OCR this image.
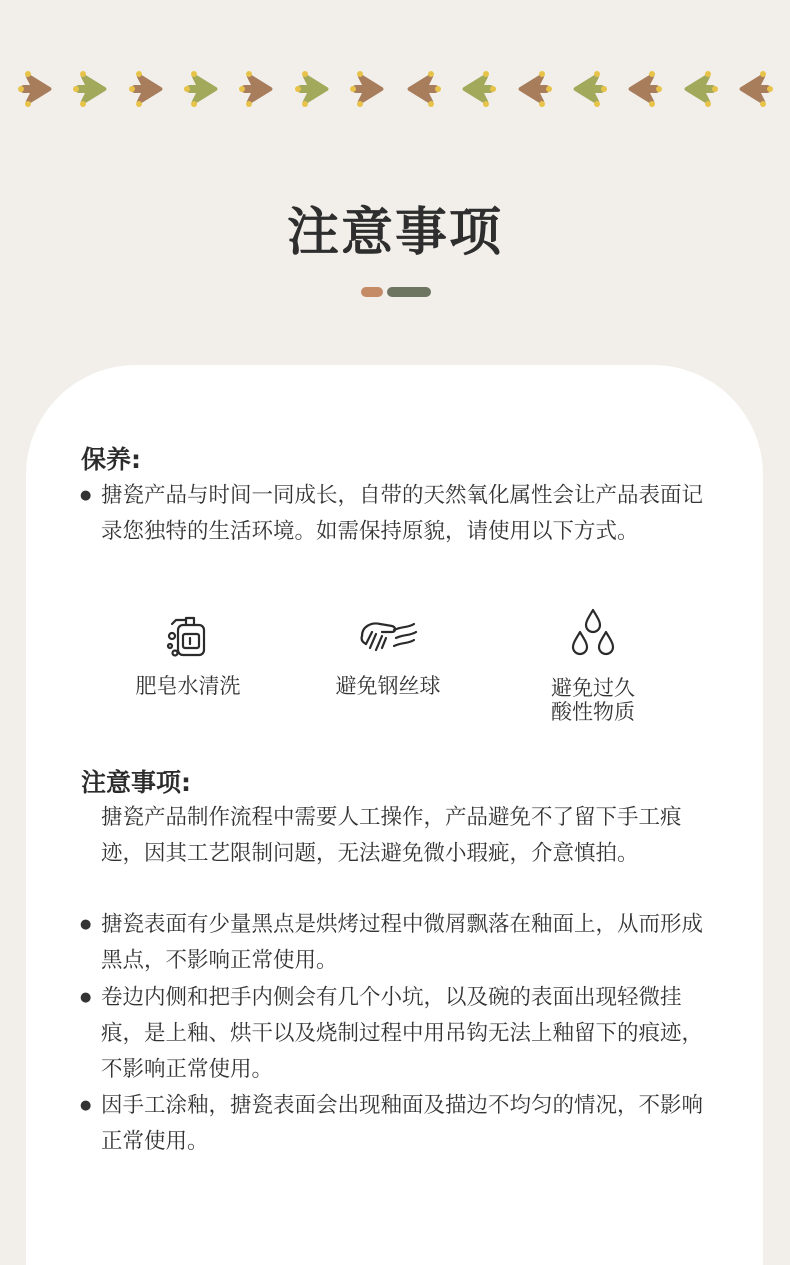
注意事项
保养:
● 搪瓷产品与时间一同成长，自带的天然氧化属性会让产品表面记录您独特的生活环境。如需保持原貌，请使用以下方式。
肥皂水清洗	避免钢丝球	避免过久
酸性物质
注意事项:
搪瓷产品制作流程中需要人工操作，产品避免不了留下手工痕迹，因其工艺限制问题，无法避免微小瑕疵，介意慎拍。
● 搪瓷表面有少量黑点是烘烤过程中微屑飘落在釉面上，从而形成黑点，不影响正常使用。
● 卷边内侧和把手内侧会有几个小坑，以及碗的表面出现轻微挂痕，是上釉、烘干以及烧制过程中用吊钩无法上釉留下的痕迹，不影响正常使用。
● 因手工涂釉，搪瓷表面会出现釉面及描边不均匀的情况，不影响正常使用。
